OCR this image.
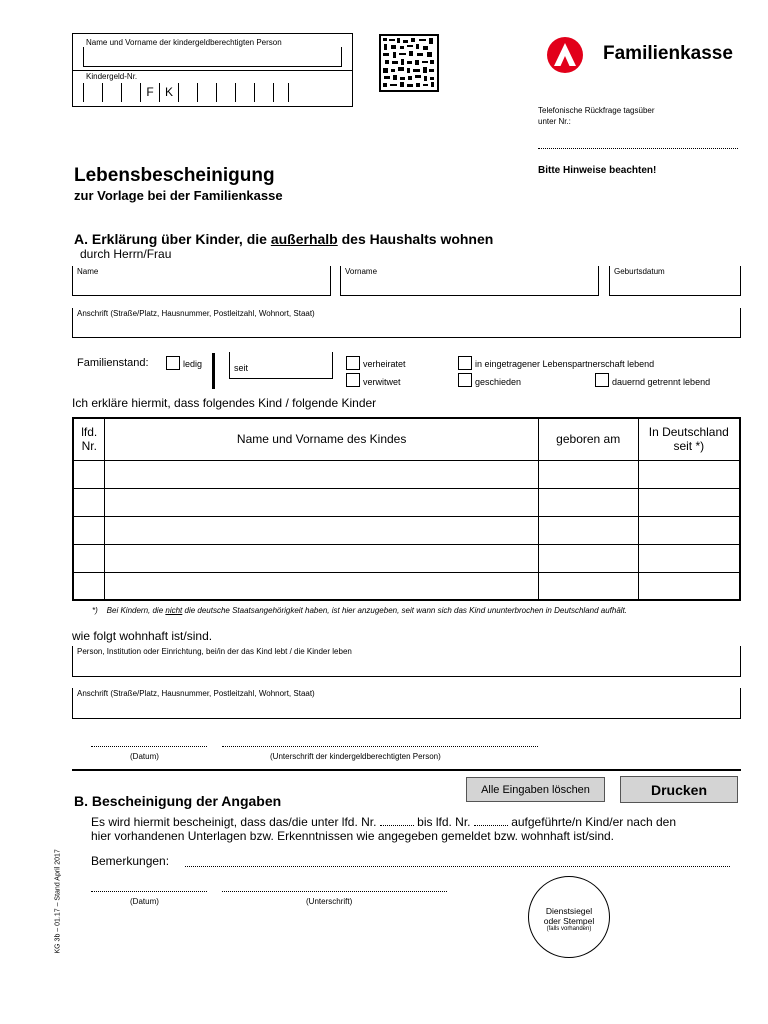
Name und Vorname der kindergeldberechtigten Person
Kindergeld-Nr.
F K
Familienkasse
Telefonische Rückfrage tagsüber
unter Nr.:
Bitte Hinweise beachten!
Lebensbescheinigung
zur Vorlage bei der Familienkasse
A. Erklärung über Kinder, die außerhalb des Haushalts wohnen
durch Herrn/Frau
Name	Vorname	Geburtsdatum
Anschrift (Straße/Platz, Hausnummer, Postleitzahl, Wohnort, Staat)
Familienstand:	ledig	seit	verheiratet
verwitwet
in eingetragener Lebenspartnerschaft lebend
geschieden	dauernd getrennt lebend
Ich erkläre hiermit, dass folgendes Kind / folgende Kinder
lfd. Nr.	Name und Vorname des Kindes	geboren am	In Deutschland seit *)

*) Bei Kindern, die nicht die deutsche Staatsangehörigkeit haben, ist hier anzugeben, seit wann sich das Kind ununterbrochen in Deutschland aufhält.
wie folgt wohnhaft ist/sind.
Person, Institution oder Einrichtung, bei/in der das Kind lebt / die Kinder leben
Anschrift (Straße/Platz, Hausnummer, Postleitzahl, Wohnort, Staat)
(Datum)	(Unterschrift der kindergeldberechtigten Person)
Alle Eingaben löschen	Drucken
B. Bescheinigung der Angaben
Es wird hiermit bescheinigt, dass das/die unter lfd. Nr.	bis lfd. Nr.	aufgeführte/n Kind/er nach den
hier vorhandenen Unterlagen bzw. Erkenntnissen wie angegeben gemeldet bzw. wohnhaft ist/sind.
Bemerkungen:
(Datum)	(Unterschrift)
Dienstsiegel
oder Stempel
(falls vorhanden)
KG 3b – 01.17 – Stand April 2017
